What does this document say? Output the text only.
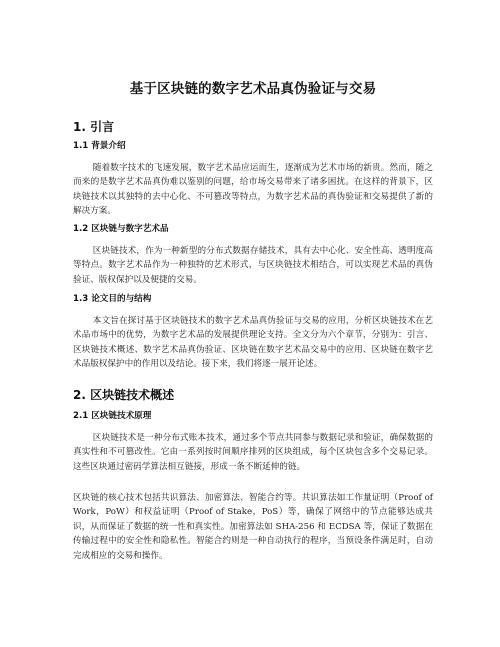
基于区块链的数字艺术品真伪验证与交易
1. 引言
1.1 背景介绍

随着数字技术的飞速发展，数字艺术品应运而生，逐渐成为艺术市场的新贵。然而，随之而来的是数字艺术品真伪难以鉴别的问题，给市场交易带来了诸多困扰。在这样的背景下，区块链技术以其独特的去中心化、不可篡改等特点，为数字艺术品的真伪验证和交易提供了新的解决方案。

1.2 区块链与数字艺术品

区块链技术，作为一种新型的分布式数据存储技术，具有去中心化、安全性高、透明度高等特点。数字艺术品作为一种独特的艺术形式，与区块链技术相结合，可以实现艺术品的真伪验证、版权保护以及便捷的交易。

1.3 论文目的与结构

本文旨在探讨基于区块链技术的数字艺术品真伪验证与交易的应用，分析区块链技术在艺术品市场中的优势，为数字艺术品的发展提供理论支持。全文分为六个章节，分别为：引言、区块链技术概述、数字艺术品真伪验证、区块链在数字艺术品交易中的应用、区块链在数字艺术品版权保护中的作用以及结论。接下来，我们将逐一展开论述。

2. 区块链技术概述
2.1 区块链技术原理

区块链技术是一种分布式账本技术，通过多个节点共同参与数据记录和验证，确保数据的真实性和不可篡改性。它由一系列按时间顺序排列的区块组成，每个区块包含多个交易记录。这些区块通过密码学算法相互链接，形成一条不断延伸的链。

区块链的核心技术包括共识算法、加密算法、智能合约等。共识算法如工作量证明（Proof of Work，PoW）和权益证明（Proof of Stake，PoS）等，确保了网络中的节点能够达成共识，从而保证了数据的统一性和真实性。加密算法如 SHA-256 和 ECDSA 等，保证了数据在传输过程中的安全性和隐私性。智能合约则是一种自动执行的程序，当预设条件满足时，自动完成相应的交易和操作。
